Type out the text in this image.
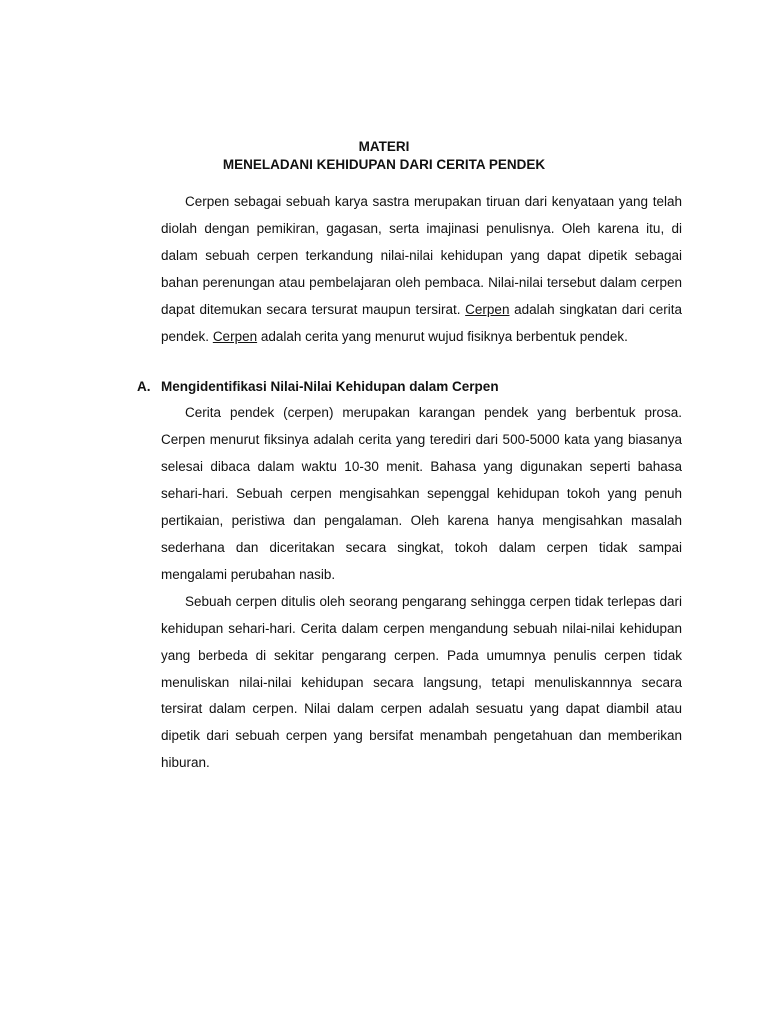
MATERI
MENELADANI KEHIDUPAN DARI CERITA PENDEK

Cerpen sebagai sebuah karya sastra merupakan tiruan dari kenyataan yang telah diolah dengan pemikiran, gagasan, serta imajinasi penulisnya. Oleh karena itu, di dalam sebuah cerpen terkandung nilai-nilai kehidupan yang dapat dipetik sebagai bahan perenungan atau pembelajaran oleh pembaca. Nilai-nilai tersebut dalam cerpen dapat ditemukan secara tersurat maupun tersirat. Cerpen adalah singkatan dari cerita pendek. Cerpen adalah cerita yang menurut wujud fisiknya berbentuk pendek.

A. Mengidentifikasi Nilai-Nilai Kehidupan dalam Cerpen

Cerita pendek (cerpen) merupakan karangan pendek yang berbentuk prosa. Cerpen menurut fiksinya adalah cerita yang terediri dari 500-5000 kata yang biasanya selesai dibaca dalam waktu 10-30 menit. Bahasa yang digunakan seperti bahasa sehari-hari. Sebuah cerpen mengisahkan sepenggal kehidupan tokoh yang penuh pertikaian, peristiwa dan pengalaman. Oleh karena hanya mengisahkan masalah sederhana dan diceritakan secara singkat, tokoh dalam cerpen tidak sampai mengalami perubahan nasib.

Sebuah cerpen ditulis oleh seorang pengarang sehingga cerpen tidak terlepas dari kehidupan sehari-hari. Cerita dalam cerpen mengandung sebuah nilai-nilai kehidupan yang berbeda di sekitar pengarang cerpen. Pada umumnya penulis cerpen tidak menuliskan nilai-nilai kehidupan secara langsung, tetapi menuliskannnya secara tersirat dalam cerpen. Nilai dalam cerpen adalah sesuatu yang dapat diambil atau dipetik dari sebuah cerpen yang bersifat menambah pengetahuan dan memberikan hiburan.
